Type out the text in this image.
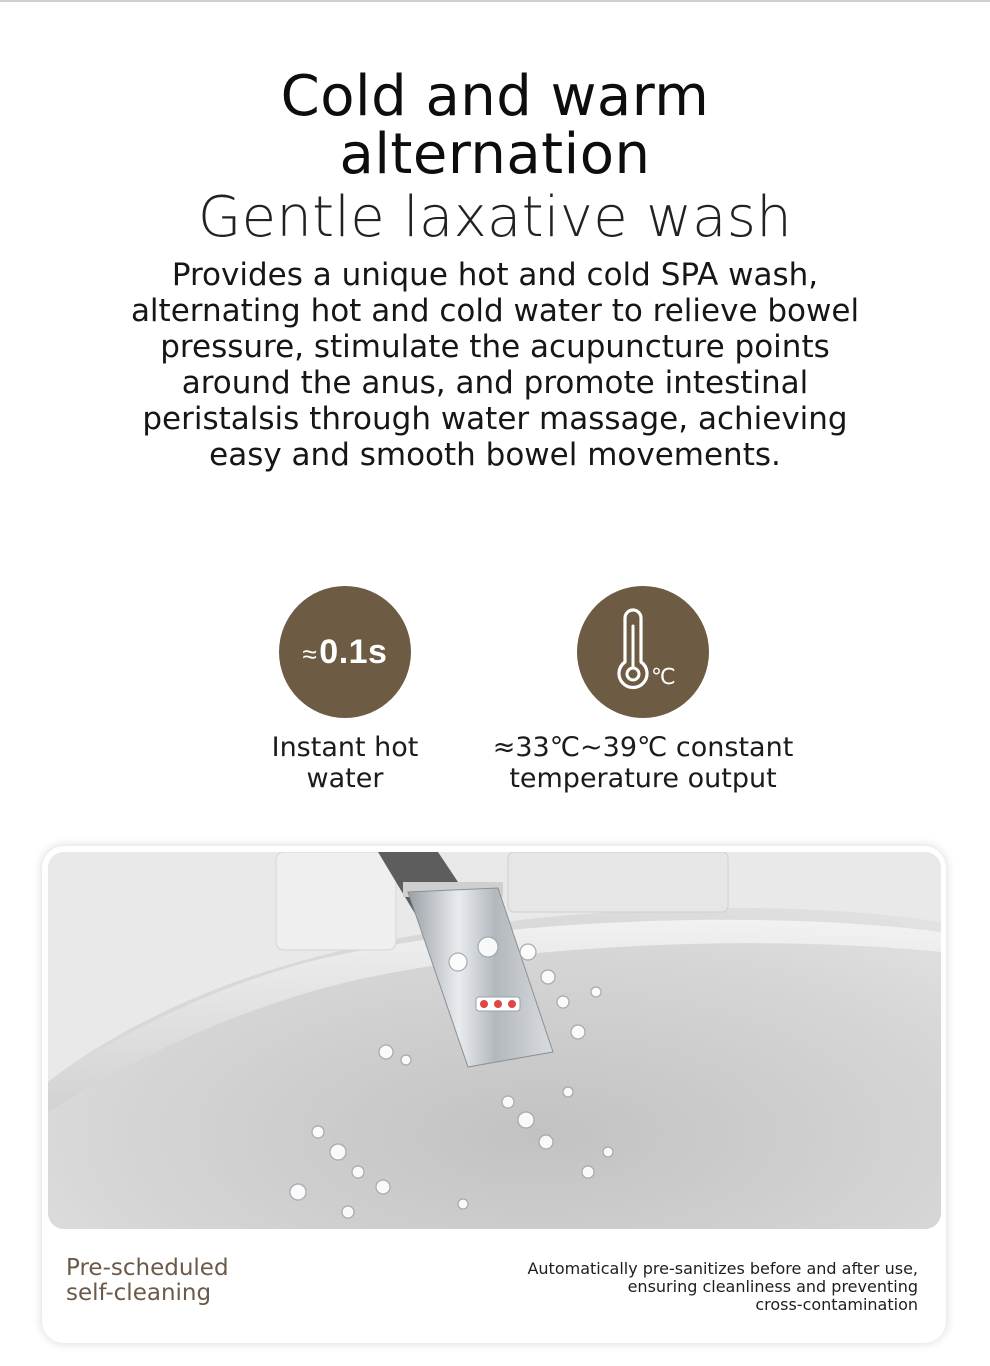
Cold and warm
alternation
Gentle laxative wash
Provides a unique hot and cold SPA wash, alternating hot and cold water to relieve bowel pressure, stimulate the acupuncture points around the anus, and promote intestinal peristalsis through water massage, achieving easy and smooth bowel movements.
≈0.1s
Instant hot water
℃
≈33℃~39℃ constant
temperature output
Pre-scheduled
self-cleaning
Automatically pre-sanitizes before and after use,
ensuring cleanliness and preventing
cross-contamination
